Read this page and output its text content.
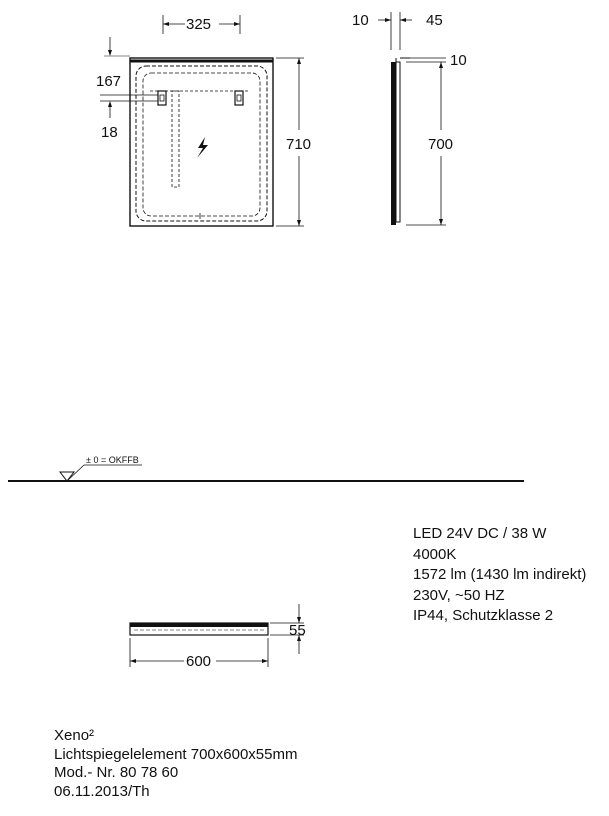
325
167
18
710
10	45
10
700
± 0 = OKFFB
55
600
LED 24V DC / 38 W
4000K
1572 lm (1430 lm indirekt)
230V, ~50 HZ
IP44, Schutzklasse 2
Xeno²
Lichtspiegelelement 700x600x55mm
Mod.- Nr. 80 78 60
06.11.2013/Th
